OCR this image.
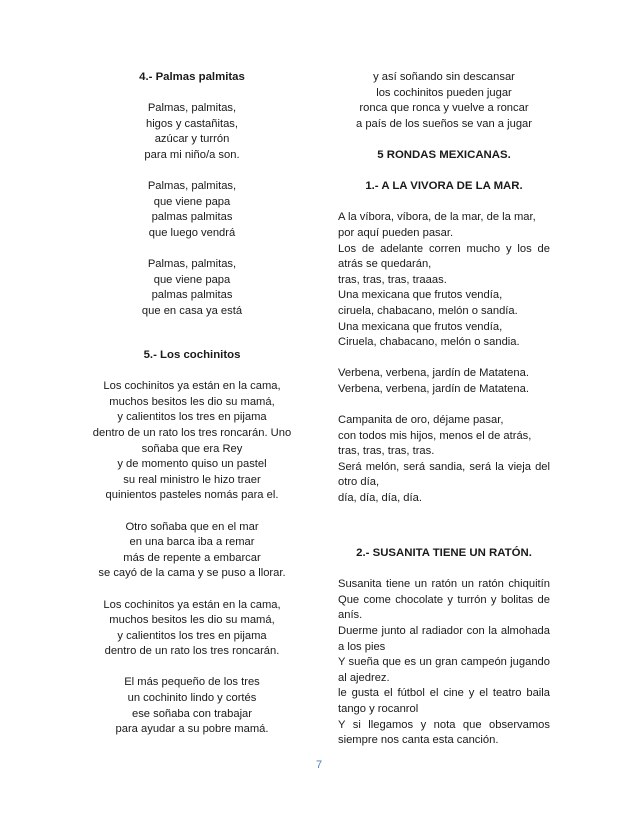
4.- Palmas palmitas
Palmas, palmitas,
higos y castañitas,
azúcar y turrón
para mi niño/a son.
Palmas, palmitas,
que viene papa
palmas palmitas
que luego vendrá
Palmas, palmitas,
que viene papa
palmas palmitas
que en casa ya está
5.- Los cochinitos
Los cochinitos ya están en la cama,
muchos besitos les dio su mamá,
y calientitos los tres en pijama
dentro de un rato los tres roncarán. Uno
soñaba que era Rey
y de momento quiso un pastel
su real ministro le hizo traer
quinientos pasteles nomás para el.
Otro soñaba que en el mar
en una barca iba a remar
más de repente a embarcar
se cayó de la cama y se puso a llorar.
Los cochinitos ya están en la cama,
muchos besitos les dio su mamá,
y calientitos los tres en pijama
dentro de un rato los tres roncarán.
El más pequeño de los tres
un cochinito lindo y cortés
ese soñaba con trabajar
para ayudar a su pobre mamá.
y así soñando sin descansar
los cochinitos pueden jugar
ronca que ronca y vuelve a roncar
a país de los sueños se van a jugar
5 RONDAS MEXICANAS.
1.- A LA VIVORA DE LA MAR.
A la víbora, víbora, de la mar, de la mar,
por aquí pueden pasar.
Los de adelante corren mucho y los de
atrás se quedarán,
tras, tras, tras, traaas.
Una mexicana que frutos vendía,
ciruela, chabacano, melón o sandía.
Una mexicana que frutos vendía,
Ciruela, chabacano, melón o sandia.
Verbena, verbena, jardín de Matatena.
Verbena, verbena, jardín de Matatena.
Campanita de oro, déjame pasar,
con todos mis hijos, menos el de atrás,
tras, tras, tras, tras.
Será melón, será sandia, será la vieja del
otro día,
día, día, día, día.
2.- SUSANITA TIENE UN RATÓN.
Susanita tiene un ratón un ratón chiquitín
Que come chocolate y turrón y bolitas de
anís.
Duerme junto al radiador con la almohada
a los pies
Y sueña que es un gran campeón jugando
al ajedrez.
le gusta el fútbol el cine y el teatro baila
tango y rocanrol
Y si llegamos y nota que observamos
siempre nos canta esta canción.
7
